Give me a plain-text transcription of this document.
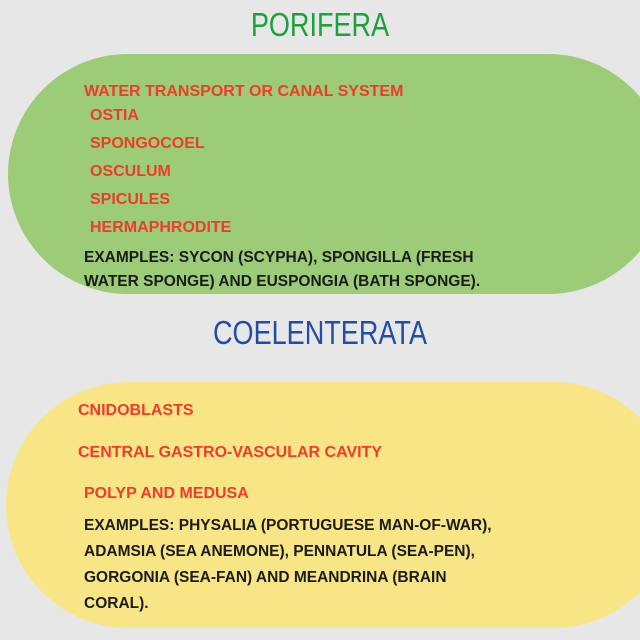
PORIFERA
WATER TRANSPORT OR CANAL SYSTEM
OSTIA
SPONGOCOEL
OSCULUM
SPICULES
HERMAPHRODITE
EXAMPLES: SYCON (SCYPHA), SPONGILLA (FRESH
WATER SPONGE) AND EUSPONGIA (BATH SPONGE).
COELENTERATA
CNIDOBLASTS
CENTRAL GASTRO-VASCULAR CAVITY
POLYP AND MEDUSA
EXAMPLES: PHYSALIA (PORTUGUESE MAN-OF-WAR),
ADAMSIA (SEA ANEMONE), PENNATULA (SEA-PEN),
GORGONIA (SEA-FAN) AND MEANDRINA (BRAIN
CORAL).
